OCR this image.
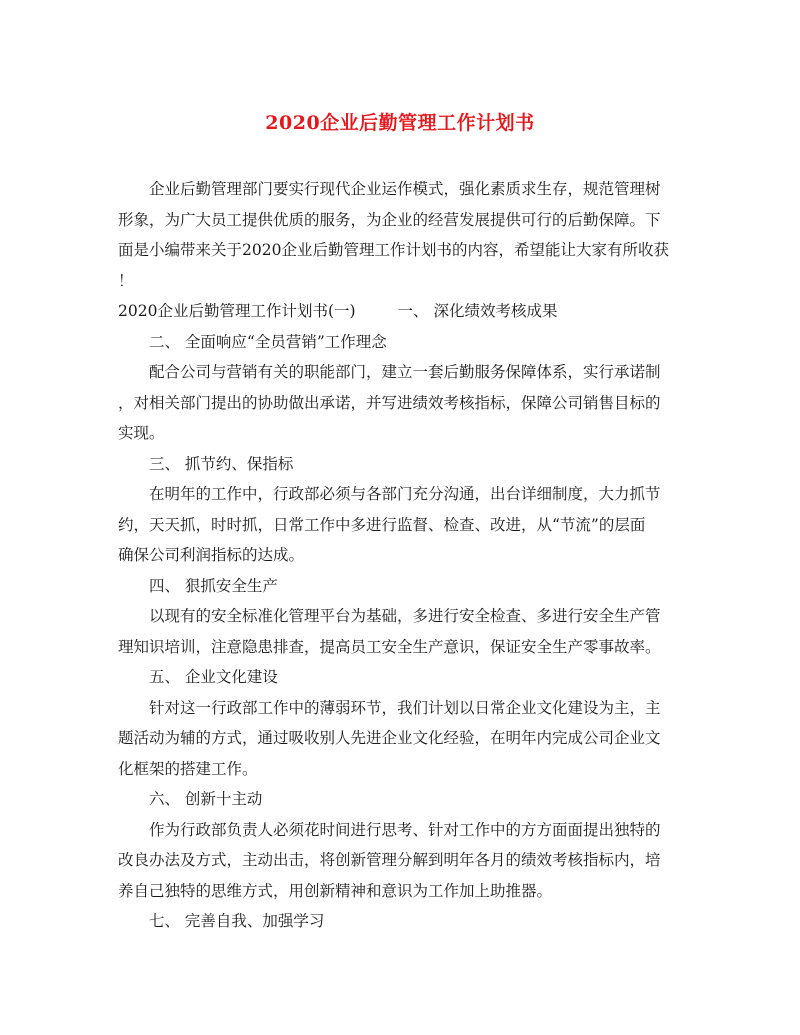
2020企业后勤管理工作计划书
企业后勤管理部门要实行现代企业运作模式，强化素质求生存，规范管理树
形象，为广大员工提供优质的服务，为企业的经营发展提供可行的后勤保障。下
面是小编带来关于2020企业后勤管理工作计划书的内容，希望能让大家有所收获
！
2020企业后勤管理工作计划书(一)	一、 深化绩效考核成果
二、 全面响应“全员营销”工作理念
配合公司与营销有关的职能部门，建立一套后勤服务保障体系，实行承诺制
，对相关部门提出的协助做出承诺，并写进绩效考核指标，保障公司销售目标的
实现。
三、 抓节约、保指标
在明年的工作中，行政部必须与各部门充分沟通，出台详细制度，大力抓节
约，天天抓，时时抓，日常工作中多进行监督、检查、改进，从“节流”的层面
确保公司利润指标的达成。
四、 狠抓安全生产
以现有的安全标准化管理平台为基础，多进行安全检查、多进行安全生产管
理知识培训，注意隐患排查，提高员工安全生产意识，保证安全生产零事故率。
五、 企业文化建设
针对这一行政部工作中的薄弱环节，我们计划以日常企业文化建设为主，主
题活动为辅的方式，通过吸收别人先进企业文化经验，在明年内完成公司企业文
化框架的搭建工作。
六、 创新十主动
作为行政部负责人必须花时间进行思考、针对工作中的方方面面提出独特的
改良办法及方式，主动出击，将创新管理分解到明年各月的绩效考核指标内，培
养自己独特的思维方式，用创新精神和意识为工作加上助推器。
七、 完善自我、加强学习
